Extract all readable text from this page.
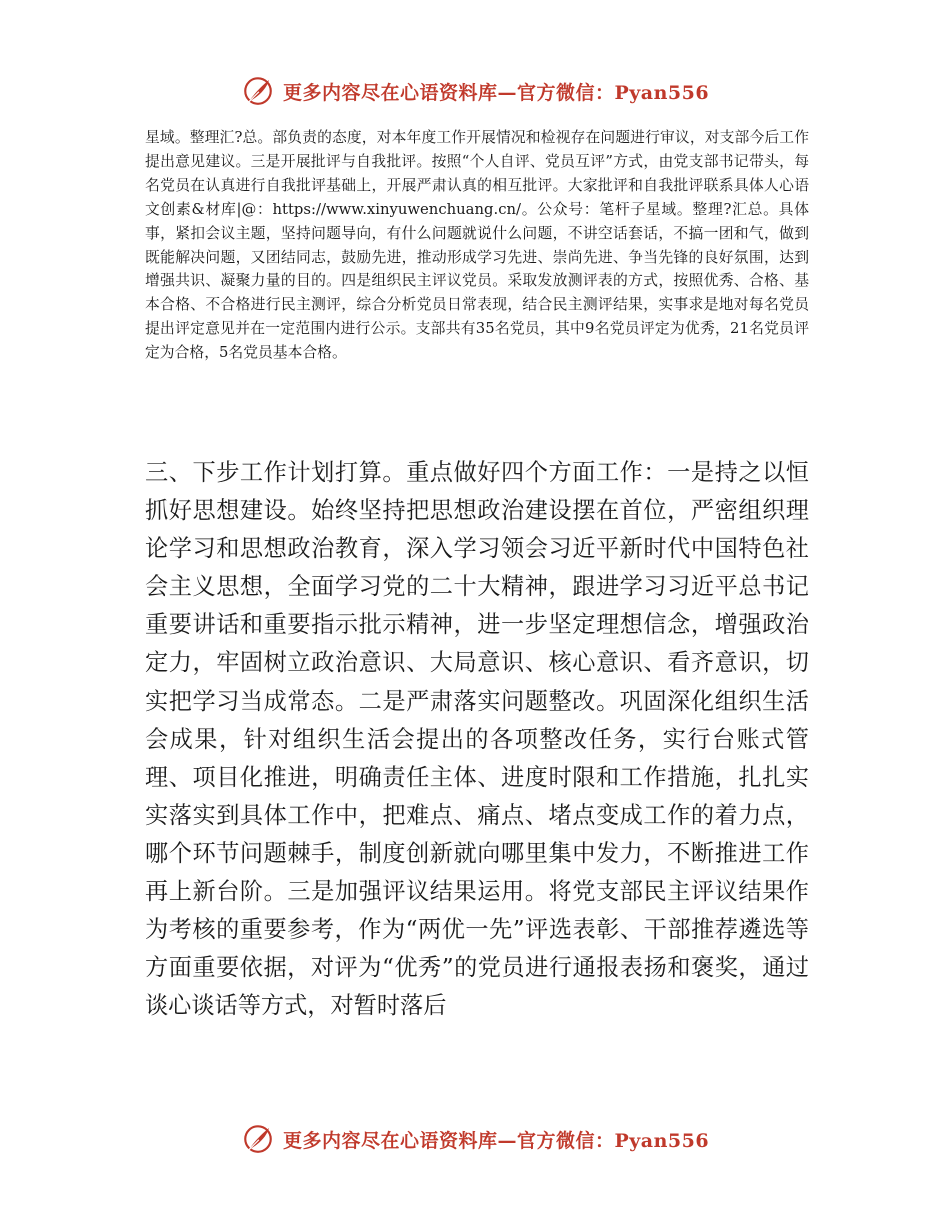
更多内容尽在心语资料库—官方微信：Pyan556

星域。整理汇?总。部负责的态度，对本年度工作开展情况和检视存在问题进行审议，对支部今后工作提出意见建议。三是开展批评与自我批评。按照“个人自评、党员互评”方式，由党支部书记带头，每名党员在认真进行自我批评基础上，开展严肃认真的相互批评。大家批评和自我批评联系具体人心语文创素&材库|@：https://www.xinyuwenchuang.cn/。公众号：笔杆子星域。整理?汇总。具体事，紧扣会议主题，坚持问题导向，有什么问题就说什么问题，不讲空话套话，不搞一团和气，做到既能解决问题，又团结同志，鼓励先进，推动形成学习先进、崇尚先进、争当先锋的良好氛围，达到增强共识、凝聚力量的目的。四是组织民主评议党员。采取发放测评表的方式，按照优秀、合格、基本合格、不合格进行民主测评，综合分析党员日常表现，结合民主测评结果，实事求是地对每名党员提出评定意见并在一定范围内进行公示。支部共有35名党员，其中9名党员评定为优秀，21名党员评定为合格，5名党员基本合格。

三、下步工作计划打算。重点做好四个方面工作：一是持之以恒抓好思想建设。始终坚持把思想政治建设摆在首位，严密组织理论学习和思想政治教育，深入学习领会习近平新时代中国特色社会主义思想，全面学习党的二十大精神，跟进学习习近平总书记重要讲话和重要指示批示精神，进一步坚定理想信念，增强政治定力，牢固树立政治意识、大局意识、核心意识、看齐意识，切实把学习当成常态。二是严肃落实问题整改。巩固深化组织生活会成果，针对组织生活会提出的各项整改任务，实行台账式管理、项目化推进，明确责任主体、进度时限和工作措施，扎扎实实落实到具体工作中，把难点、痛点、堵点变成工作的着力点，哪个环节问题棘手，制度创新就向哪里集中发力，不断推进工作再上新台阶。三是加强评议结果运用。将党支部民主评议结果作为考核的重要参考，作为“两优一先”评选表彰、干部推荐遴选等方面重要依据，对评为“优秀”的党员进行通报表扬和褒奖，通过谈心谈话等方式，对暂时落后

更多内容尽在心语资料库—官方微信：Pyan556
